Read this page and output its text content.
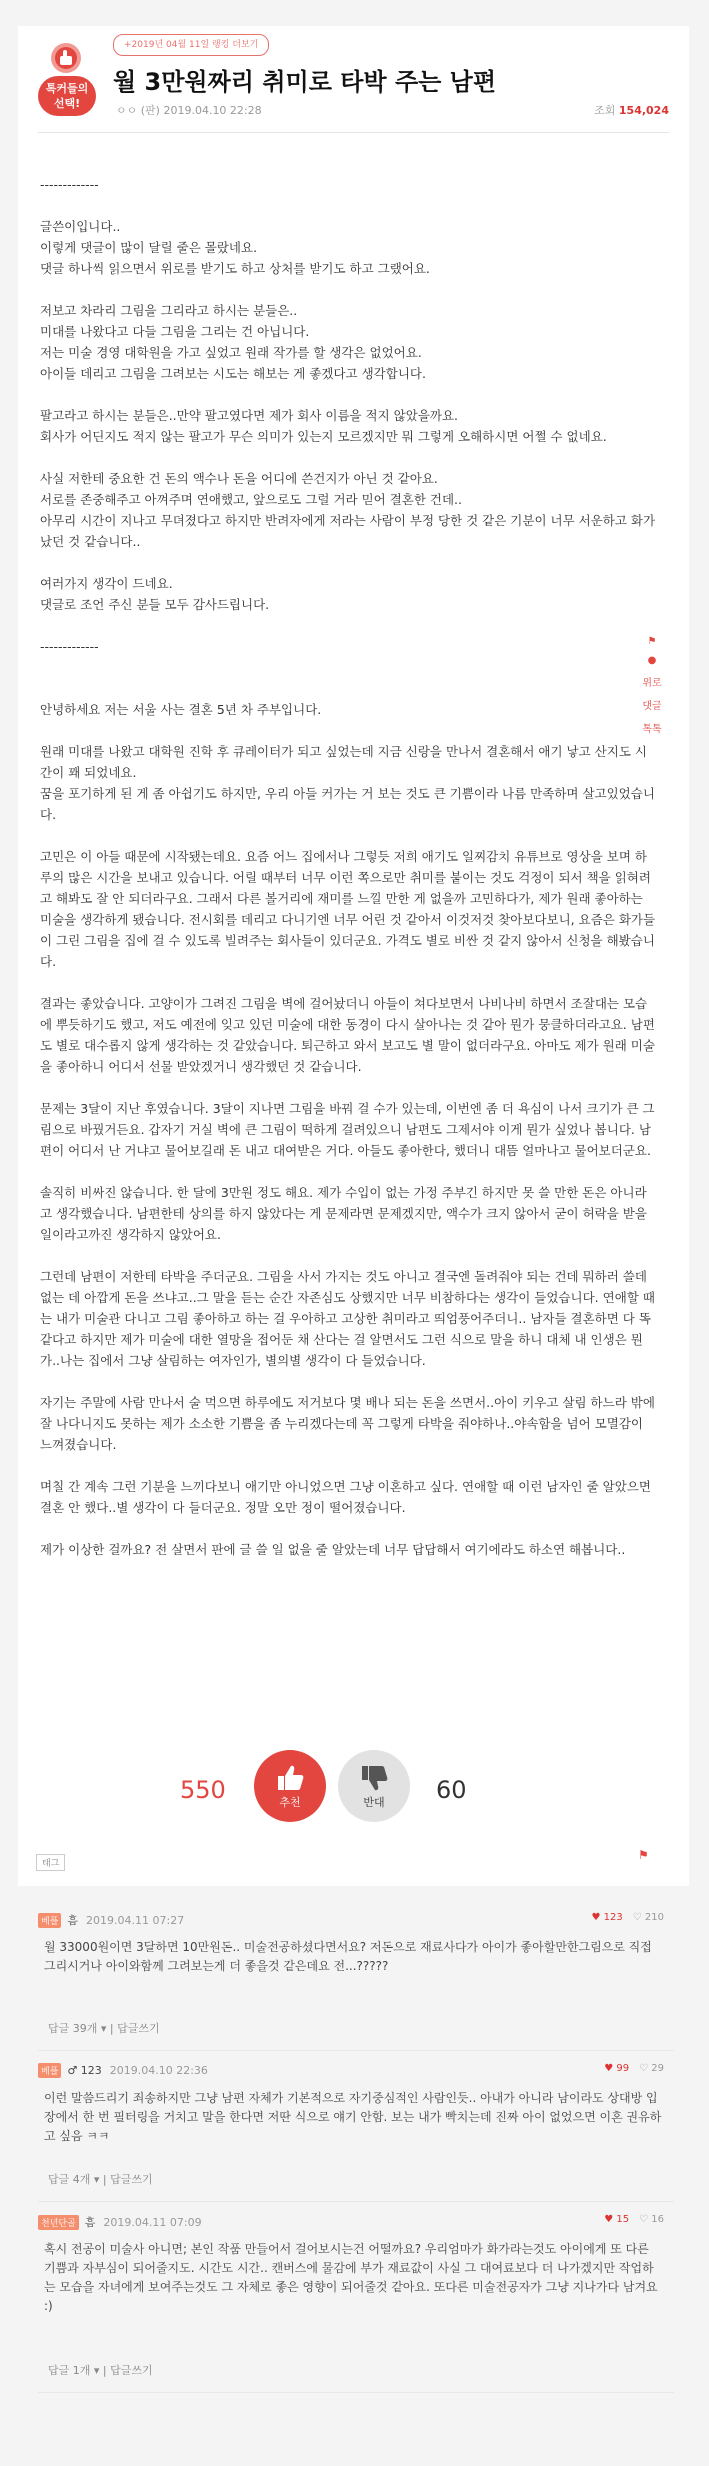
+2019년 04월 11일 랭킹 더보기
톡커들의
선택!
월 3만원짜리 취미로 타박 주는 남편
ㅇㅇ (판) 2019.04.10 22:28	조회 154,024

-------------

글쓴이입니다..

이렇게 댓글이 많이 달릴 줄은 몰랐네요.

댓글 하나씩 읽으면서 위로를 받기도 하고 상처를 받기도 하고 그랬어요.

저보고 차라리 그림을 그리라고 하시는 분들은..

미대를 나왔다고 다들 그림을 그리는 건 아닙니다.

저는 미술 경영 대학원을 가고 싶었고 원래 작가를 할 생각은 없었어요.

아이들 데리고 그림을 그려보는 시도는 해보는 게 좋겠다고 생각합니다.

팔고라고 하시는 분들은..만약 팔고였다면 제가 회사 이름을 적지 않았을까요.

회사가 어딘지도 적지 않는 팔고가 무슨 의미가 있는지 모르겠지만 뭐 그렇게 오해하시면 어쩔 수 없네요.

사실 저한테 중요한 건 돈의 액수나 돈을 어디에 쓴건지가 아닌 것 같아요.

서로를 존중해주고 아껴주며 연애했고, 앞으로도 그럴 거라 믿어 결혼한 건데..

아무리 시간이 지나고 무뎌졌다고 하지만 반려자에게 저라는 사람이 부정 당한 것 같은 기분이 너무 서운하고 화가 났던 것 같습니다..

여러가지 생각이 드네요.

댓글로 조언 주신 분들 모두 감사드립니다.

-------------

안녕하세요 저는 서울 사는 결혼 5년 차 주부입니다.

원래 미대를 나왔고 대학원 진학 후 큐레이터가 되고 싶었는데 지금 신랑을 만나서 결혼해서 애기 낳고 산지도 시간이 꽤 되었네요.

꿈을 포기하게 된 게 좀 아쉽기도 하지만, 우리 아들 커가는 거 보는 것도 큰 기쁨이라 나름 만족하며 살고있었습니다.

고민은 이 아들 때문에 시작됐는데요. 요즘 어느 집에서나 그렇듯 저희 애기도 일찌감치 유튜브로 영상을 보며 하루의 많은 시간을 보내고 있습니다. 어릴 때부터 너무 이런 쪽으로만 취미를 붙이는 것도 걱정이 되서 책을 읽혀려고 해봐도 잘 안 되더라구요. 그래서 다른 볼거리에 재미를 느낄 만한 게 없을까 고민하다가, 제가 원래 좋아하는 미술을 생각하게 됐습니다. 전시회를 데리고 다니기엔 너무 어린 것 같아서 이것저것 찾아보다보니, 요즘은 화가들이 그린 그림을 집에 걸 수 있도록 빌려주는 회사들이 있더군요. 가격도 별로 비싼 것 같지 않아서 신청을 해봤습니다.

결과는 좋았습니다. 고양이가 그려진 그림을 벽에 걸어놨더니 아들이 쳐다보면서 나비나비 하면서 조잘대는 모습에 뿌듯하기도 했고, 저도 예전에 잊고 있던 미술에 대한 동경이 다시 살아나는 것 같아 뭔가 뭉클하더라고요. 남편도 별로 대수롭지 않게 생각하는 것 같았습니다. 퇴근하고 와서 보고도 별 말이 없더라구요. 아마도 제가 원래 미술을 좋아하니 어디서 선물 받았겠거니 생각했던 것 같습니다.

문제는 3달이 지난 후였습니다. 3달이 지나면 그림을 바꿔 걸 수가 있는데, 이번엔 좀 더 욕심이 나서 크기가 큰 그림으로 바꿨거든요. 갑자기 거실 벽에 큰 그림이 떡하게 걸려있으니 남편도 그제서야 이게 뭔가 싶었나 봅니다. 남편이 어디서 난 거냐고 물어보길래 돈 내고 대여받은 거다. 아들도 좋아한다, 했더니 대뜸 얼마나고 물어보더군요.

솔직히 비싸진 않습니다. 한 달에 3만원 정도 해요. 제가 수입이 없는 가정 주부긴 하지만 못 쓸 만한 돈은 아니라고 생각했습니다. 남편한테 상의를 하지 않았다는 게 문제라면 문제겠지만, 액수가 크지 않아서 굳이 허락을 받을 일이라고까진 생각하지 않았어요.

그런데 남편이 저한테 타박을 주더군요. 그림을 사서 가지는 것도 아니고 결국엔 돌려줘야 되는 건데 뭐하러 쓸데없는 데 아깝게 돈을 쓰냐고..그 말을 듣는 순간 자존심도 상했지만 너무 비참하다는 생각이 들었습니다. 연애할 때는 내가 미술관 다니고 그림 좋아하고 하는 걸 우아하고 고상한 취미라고 띄엄풍어주더니.. 남자들 결혼하면 다 똑같다고 하지만 제가 미술에 대한 열망을 접어둔 채 산다는 걸 알면서도 그런 식으로 말을 하니 대체 내 인생은 뭔가..나는 집에서 그냥 살림하는 여자인가, 별의별 생각이 다 들었습니다.

자기는 주말에 사람 만나서 술 먹으면 하루에도 저거보다 몇 배나 되는 돈을 쓰면서..아이 키우고 살림 하느라 밖에 잘 나다니지도 못하는 제가 소소한 기쁨을 좀 누리겠다는데 꼭 그렇게 타박을 줘야하나..야속함을 넘어 모멸감이 느껴졌습니다.

며칠 간 계속 그런 기분을 느끼다보니 애기만 아니었으면 그냥 이혼하고 싶다. 연애할 때 이런 남자인 줄 알았으면 결혼 안 했다..별 생각이 다 들더군요. 정말 오만 정이 떨어졌습니다.

제가 이상한 걸까요? 전 살면서 판에 글 쓸 일 없을 줄 알았는데 너무 답답해서 여기에라도 하소연 해봅니다..

⚑
●
위로
댓글
톡톡
550	추천	반대	60
태그
⚑
베플 흠 2019.04.11 07:27	♥ 123 ♡ 210
월 33000원이면 3달하면 10만원돈.. 미술전공하셨다면서요? 저돈으로 재료사다가 아이가 좋아할만한그림으로 직접 그리시거나 아이와함께 그려보는게 더 좋을것 같은데요 전...?????
답글 39개 ▾ | 답글쓰기
베플 ♂ 123 2019.04.10 22:36	♥ 99 ♡ 29
이런 말씀드리기 죄송하지만 그냥 남편 자체가 기본적으로 자기중심적인 사람인듯.. 아내가 아니라 남이라도 상대방 입장에서 한 번 필터링을 거치고 말을 한다면 저딴 식으로 얘기 안함. 보는 내가 빡치는데 진짜 아이 없었으면 이혼 권유하고 싶음 ㅋㅋ
답글 4개 ▾ | 답글쓰기
천년단골 흠 2019.04.11 07:09	♥ 15 ♡ 16
혹시 전공이 미술사 아니면; 본인 작품 만들어서 걸어보시는건 어떨까요? 우리엄마가 화가라는것도 아이에게 또 다른 기쁨과 자부심이 되어줄지도. 시간도 시간.. 캔버스에 물감에 부가 재료값이 사실 그 대여료보다 더 나가겠지만 작업하는 모습을 자녀에게 보여주는것도 그 자체로 좋은 영향이 되어줄것 같아요. 또다른 미술전공자가 그냥 지나가다 남겨요 :)
답글 1개 ▾ | 답글쓰기
